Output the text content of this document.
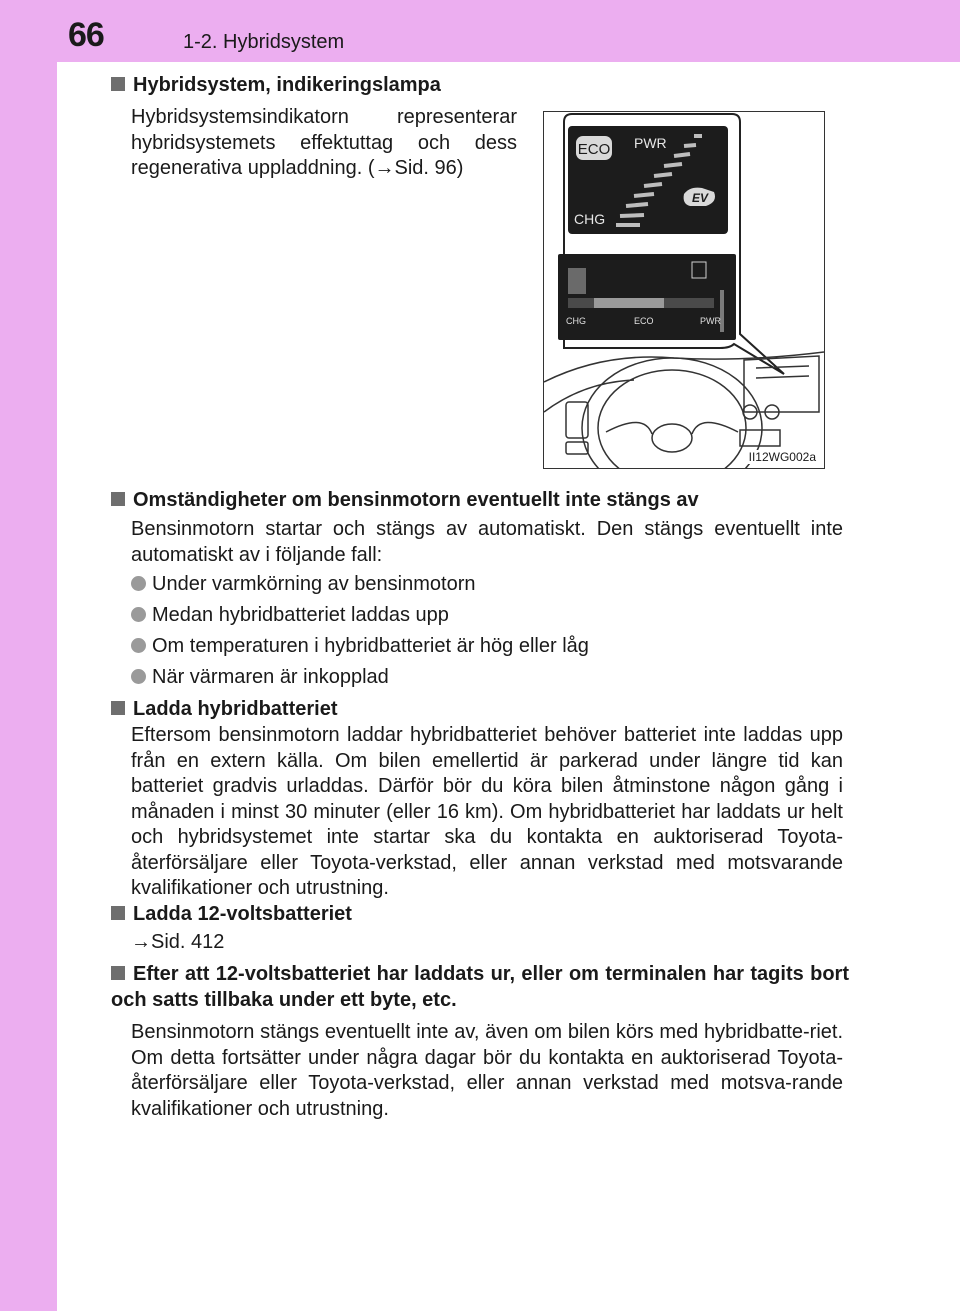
66	1-2. Hybridsystem
Hybridsystem, indikeringslampa
Hybridsystemsindikatorn representerar
hybridsystemets effektuttag och dess
regenerativa uppladdning. (→Sid. 96)
ECO PWR
CHG
EV
CHG	ECO	PWR
II12WG002a
Omständigheter om bensinmotorn eventuellt inte stängs av
Bensinmotorn startar och stängs av automatiskt. Den stängs eventuellt inte automatiskt av i följande fall:
Under varmkörning av bensinmotorn
Medan hybridbatteriet laddas upp
Om temperaturen i hybridbatteriet är hög eller låg
När värmaren är inkopplad
Ladda hybridbatteriet
Eftersom bensinmotorn laddar hybridbatteriet behöver batteriet inte laddas upp från en extern källa. Om bilen emellertid är parkerad under längre tid kan batteriet gradvis urladdas. Därför bör du köra bilen åtminstone någon gång i månaden i minst 30 minuter (eller 16 km). Om hybridbatteriet har laddats ur helt och hybridsystemet inte startar ska du kontakta en auktoriserad Toyota-återförsäljare eller Toyota-verkstad, eller annan verkstad med motsvarande kvalifikationer och utrustning.
Ladda 12-voltsbatteriet
→Sid. 412
Efter att 12-voltsbatteriet har laddats ur, eller om terminalen har tagits bort och satts tillbaka under ett byte, etc.
Bensinmotorn stängs eventuellt inte av, även om bilen körs med hybridbatte-riet. Om detta fortsätter under några dagar bör du kontakta en auktoriserad Toyota-återförsäljare eller Toyota-verkstad, eller annan verkstad med motsva-rande kvalifikationer och utrustning.
